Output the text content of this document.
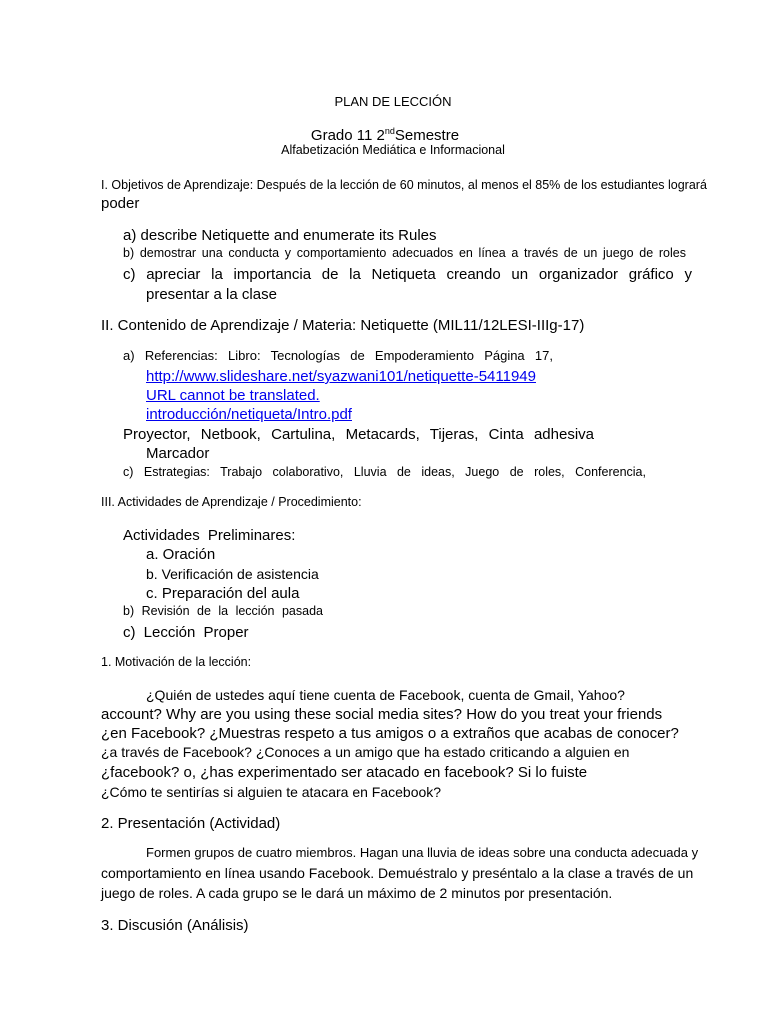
PLAN DE LECCIÓN
Grado 11 2ndSemestre
Alfabetización Mediática e Informacional
I. Objetivos de Aprendizaje: Después de la lección de 60 minutos, al menos el 85% de los estudiantes logrará
poder
a) describe Netiquette and enumerate its Rules
b) demostrar una conducta y comportamiento adecuados en línea a través de un juego de roles
c) apreciar la importancia de la Netiqueta creando un organizador gráfico y
presentar a la clase
II. Contenido de Aprendizaje / Materia: Netiquette (MIL11/12LESI-IIIg-17)
a) Referencias: Libro: Tecnologías de Empoderamiento Página 17,
http://www.slideshare.net/syazwani101/netiquette-5411949
URL cannot be translated.
introducción/netiqueta/Intro.pdf
Proyector, Netbook, Cartulina, Metacards, Tijeras, Cinta adhesiva
Marcador
c) Estrategias: Trabajo colaborativo, Lluvia de ideas, Juego de roles, Conferencia,
III. Actividades de Aprendizaje / Procedimiento:
Actividades Preliminares:
a. Oración
b. Verificación de asistencia
c. Preparación del aula
b) Revisión de la lección pasada
c) Lección Proper
1. Motivación de la lección:
¿Quién de ustedes aquí tiene cuenta de Facebook, cuenta de Gmail, Yahoo?
account? Why are you using these social media sites? How do you treat your friends
¿en Facebook? ¿Muestras respeto a tus amigos o a extraños que acabas de conocer?
¿a través de Facebook? ¿Conoces a un amigo que ha estado criticando a alguien en
¿facebook? o, ¿has experimentado ser atacado en facebook? Si lo fuiste
¿Cómo te sentirías si alguien te atacara en Facebook?
2. Presentación (Actividad)
Formen grupos de cuatro miembros. Hagan una lluvia de ideas sobre una conducta adecuada y
comportamiento en línea usando Facebook. Demuéstralo y preséntalo a la clase a través de un
juego de roles. A cada grupo se le dará un máximo de 2 minutos por presentación.
3. Discusión (Análisis)
